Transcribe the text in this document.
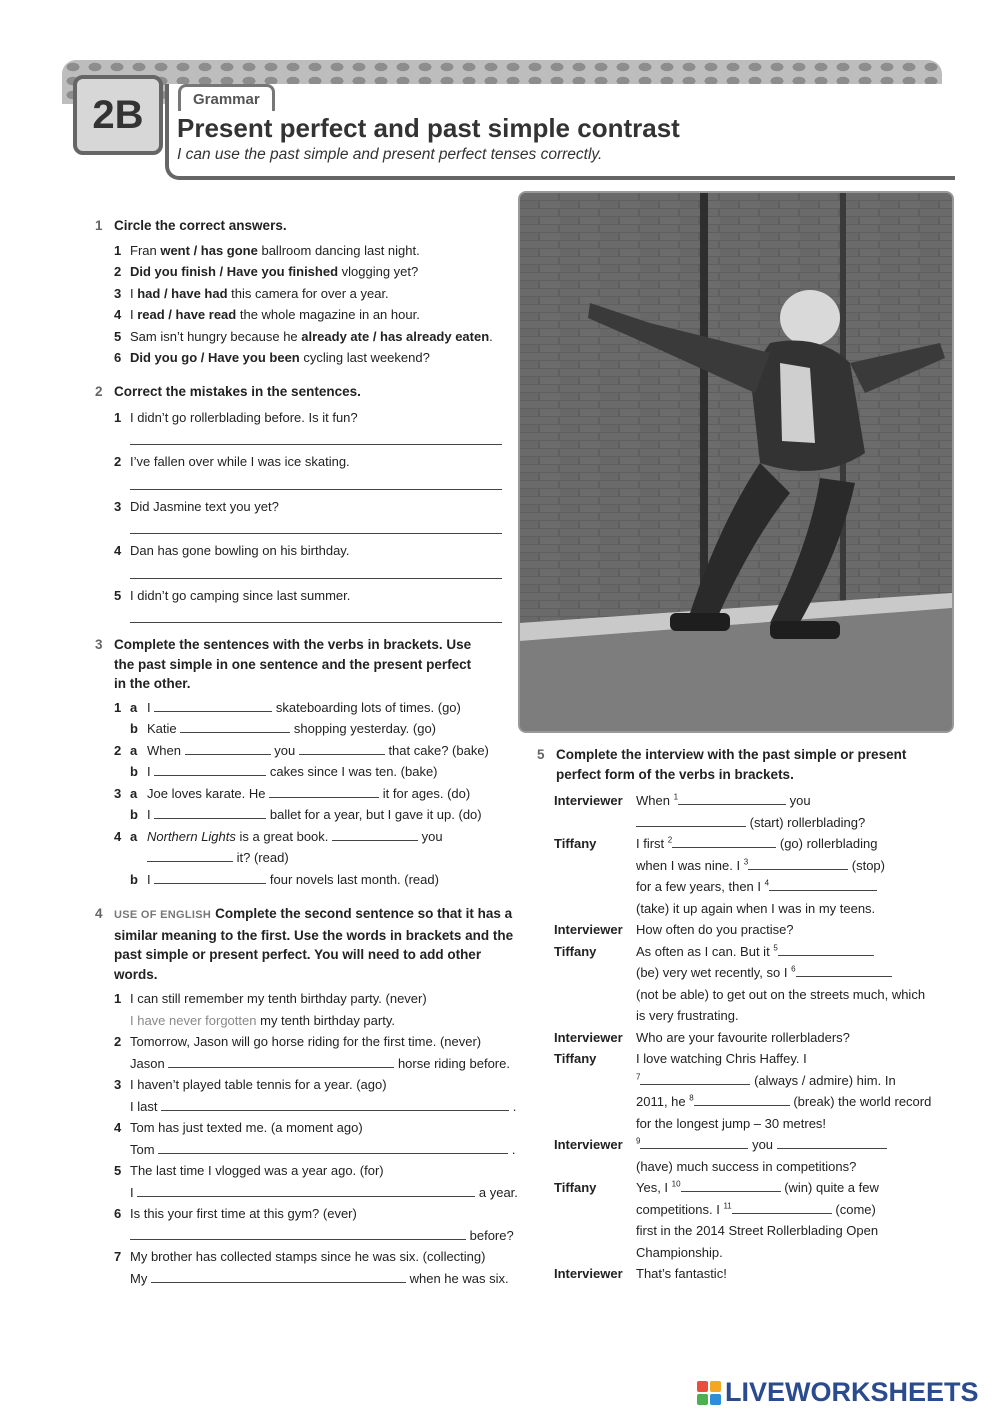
2B	Grammar
Present perfect and past simple contrast
I can use the past simple and present perfect tenses correctly.
1 Circle the correct answers.
1 Fran went / has gone ballroom dancing last night.
2 Did you finish / Have you finished vlogging yet?
3 I had / have had this camera for over a year.
4 I read / have read the whole magazine in an hour.
5 Sam isn’t hungry because he already ate / has already eaten.
6 Did you go / Have you been cycling last weekend?
2 Correct the mistakes in the sentences.
1 I didn’t go rollerblading before. Is it fun?
2 I’ve fallen over while I was ice skating.
3 Did Jasmine text you yet?
4 Dan has gone bowling on his birthday.
5 I didn’t go camping since last summer.
3 Complete the sentences with the verbs in brackets. Use the past simple in one sentence and the present perfect in the other.
1 a I	skateboarding lots of times. (go)
b Katie	shopping yesterday. (go)
2 a When	you	that cake? (bake)
b I	cakes since I was ten. (bake)
3 a Joe loves karate. He	it for ages. (do)
b I	ballet for a year, but I gave it up. (do)
4 a Northern Lights is a great book.	you
it? (read)
b I	four novels last month. (read)
4	USE OF ENGLISH Complete the second sentence so that it has a similar meaning to the first. Use the words in brackets and the past simple or present perfect. You will need to add other words.
1 I can still remember my tenth birthday party. (never)
I have never forgotten my tenth birthday party.
2 Tomorrow, Jason will go horse riding for the first time. (never)
Jason	horse riding before.
3 I haven’t played table tennis for a year. (ago)
I last	.
4 Tom has just texted me. (a moment ago)
Tom	.
5 The last time I vlogged was a year ago. (for)
I	a year.
6 Is this your first time at this gym? (ever)
before?
7 My brother has collected stamps since he was six. (collecting)
My	when he was six.
5 Complete the interview with the past simple or present perfect form of the verbs in brackets.
Interviewer	When $^1$	you
(start) rollerblading?
Tiffany	I first $^2$	(go) rollerblading
when I was nine. I $^3$	(stop)
for a few years, then I $^4$
(take) it up again when I was in my teens.
Interviewer	How often do you practise?
Tiffany	As often as I can. But it $^5$
(be) very wet recently, so I $^6$
(not be able) to get out on the streets much, which is very frustrating.
Interviewer	Who are your favourite rollerbladers?
Tiffany	I love watching Chris Haffey. I
$^7$	(always / admire) him. In
2011, he $^8$	(break) the world record for the longest jump – 30 metres!
Interviewer	$^9$	you
(have) much success in competitions?
Tiffany	Yes, I $^{10}$	(win) quite a few
competitions. I $^{11}$	(come)
first in the 2014 Street Rollerblading Open Championship.
Interviewer	That’s fantastic!
LIVEWORKSHEETS
